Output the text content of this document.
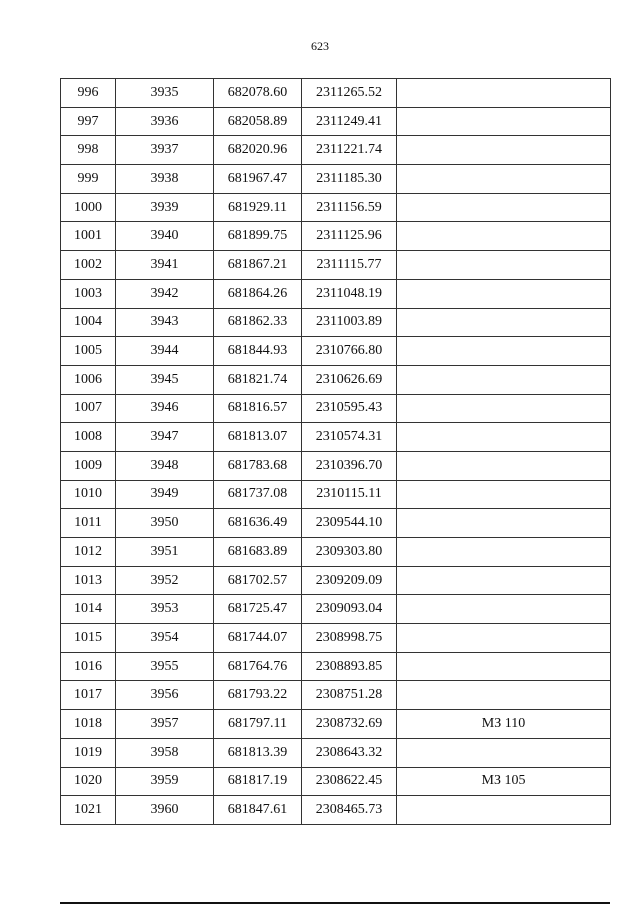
623
996	3935	682078.60	2311265.52	
997	3936	682058.89	2311249.41	
998	3937	682020.96	2311221.74	
999	3938	681967.47	2311185.30	
1000	3939	681929.11	2311156.59	
1001	3940	681899.75	2311125.96	
1002	3941	681867.21	2311115.77	
1003	3942	681864.26	2311048.19	
1004	3943	681862.33	2311003.89	
1005	3944	681844.93	2310766.80	
1006	3945	681821.74	2310626.69	
1007	3946	681816.57	2310595.43	
1008	3947	681813.07	2310574.31	
1009	3948	681783.68	2310396.70	
1010	3949	681737.08	2310115.11	
1011	3950	681636.49	2309544.10	
1012	3951	681683.89	2309303.80	
1013	3952	681702.57	2309209.09	
1014	3953	681725.47	2309093.04	
1015	3954	681744.07	2308998.75	
1016	3955	681764.76	2308893.85	
1017	3956	681793.22	2308751.28	
1018	3957	681797.11	2308732.69	МЗ 110
1019	3958	681813.39	2308643.32	
1020	3959	681817.19	2308622.45	МЗ 105
1021	3960	681847.61	2308465.73	
